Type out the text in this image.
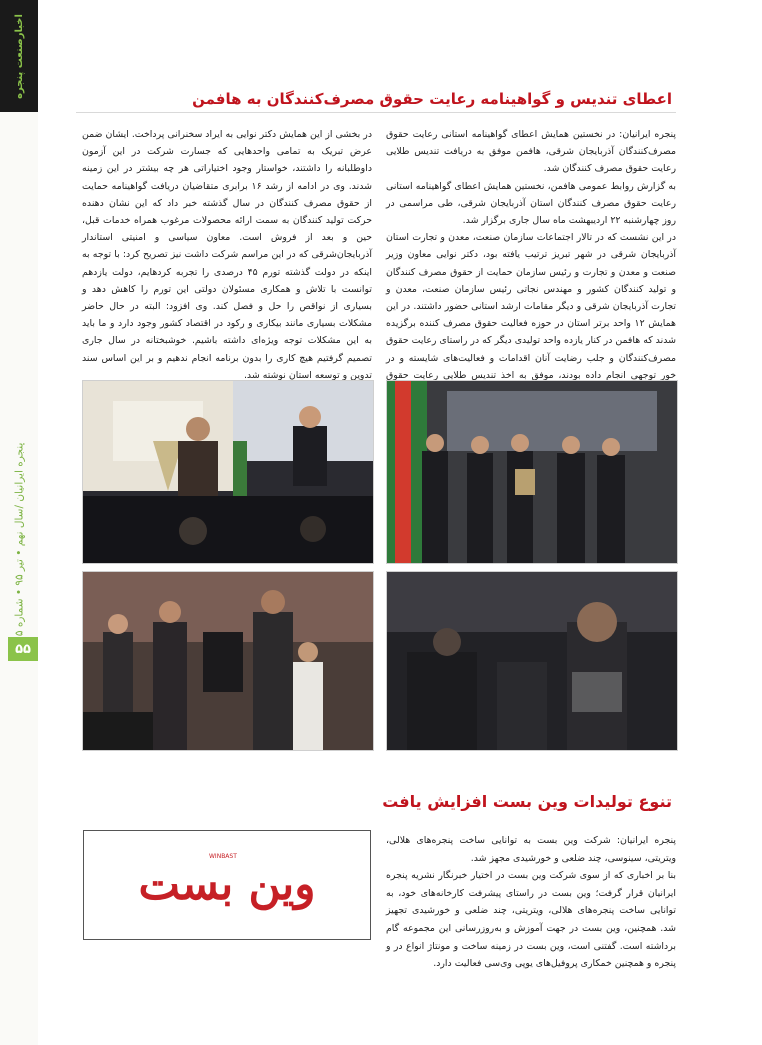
اخبارصنعت پنجره
پنجره ایرانیان /سال نهم • تیر ۹۵ • شماره
۵۵
اعطای تندیس و گواهینامه رعایت حقوق مصرف‌کنندگان به هافمن

پنجره ایرانیان: در نخستین همایش اعطای گواهینامه استانی رعایت حقوق مصرف‌کنندگان آذربایجان شرقی، هافمن موفق به دریافت تندیس طلایی رعایت حقوق مصرف کنندگان شد.

به گزارش روابط عمومی هافمن، نخستین همایش اعطای گواهینامه استانی رعایت حقوق مصرف کنندگان استان آذربایجان شرقی، طی مراسمی در روز چهارشنبه ۲۲ اردیبهشت ماه سال جاری برگزار شد.

در این نشست که در تالار اجتماعات سازمان صنعت، معدن و تجارت استان آذربایجان شرقی در شهر تبریز ترتیب یافته بود، دکتر نوایی معاون وزیر صنعت و معدن و تجارت و رئیس سازمان حمایت از حقوق مصرف کنندگان و تولید کنندگان کشور و مهندس نجاتی رئیس سازمان صنعت، معدن و تجارت آذربایجان شرقی و دیگر مقامات ارشد استانی حضور داشتند. در این همایش ۱۲ واحد برتر استان در حوزه فعالیت حقوق مصرف کننده برگزیده شدند که هافمن در کنار یازده واحد تولیدی دیگر که در راستای رعایت حقوق مصرف‌کنندگان و جلب رضایت آنان اقدامات و فعالیت‌های شایسته و در خور توجهی انجام داده بودند، موفق به اخذ تندیس طلایی رعایت حقوق

در بخشی از این همایش دکتر نوایی به ایراد سخنرانی پرداخت. ایشان ضمن عرض تبریک به تمامی واحدهایی که جسارت شرکت در این آزمون داوطلبانه را داشتند، خواستار وجود اختیاراتی هر چه بیشتر در این زمینه شدند. وی در ادامه از رشد ۱۶ برابری متقاضیان دریافت گواهینامه حمایت از حقوق مصرف کنندگان در سال گذشته خبر داد که این نشان دهنده حرکت تولید کنندگان به سمت ارائه محصولات مرغوب همراه خدمات قبل، حین و بعد از فروش است. معاون سیاسی و امنیتی استاندار آذربایجان‌شرقی که در این مراسم شرکت داشت نیز تصریح کرد: با توجه به اینکه در دولت گذشته تورم ۴۵ درصدی را تجربه کردهایم، دولت یازدهم توانست با تلاش و همکاری مسئولان دولتی این تورم را کاهش دهد و بسیاری از نواقص را حل و فصل کند. وی افزود: البته در حال حاضر مشکلات بسیاری مانند بیکاری و رکود در اقتصاد کشور وجود دارد و ما باید به این مشکلات توجه ویژه‌ای داشته باشیم. خوشبختانه در سال جاری تصمیم گرفتیم هیچ کاری را بدون برنامه انجام ندهیم و بر این اساس سند تدوین و توسعه استان نوشته شد.

تنوع تولیدات وین بست افزایش یافت
WINBAST
وین بست

پنجره ایرانیان: شرکت وین بست به توانایی ساخت پنجره‌های هلالی، ویتریتی، سینوسی، چند ضلعی و خورشیدی مجهز شد.

بنا بر اخباری که از سوی شرکت وین بست در اختیار خبرنگار نشریه پنجره ایرانیان قرار گرفت؛ وین بست در راستای پیشرفت کارخانه‌های خود، به توانایی ساخت پنجره‌های هلالی، ویتریتی، چند ضلعی و خورشیدی تجهیز شد. همچنین، وین بست در جهت آموزش و به‌روزرسانی این مجموعه گام برداشته است. گفتنی است، وین بست در زمینه ساخت و مونتاژ انواع در و پنجره و همچنین خمکاری پروفیل‌های یوپی وی‌سی فعالیت دارد.
